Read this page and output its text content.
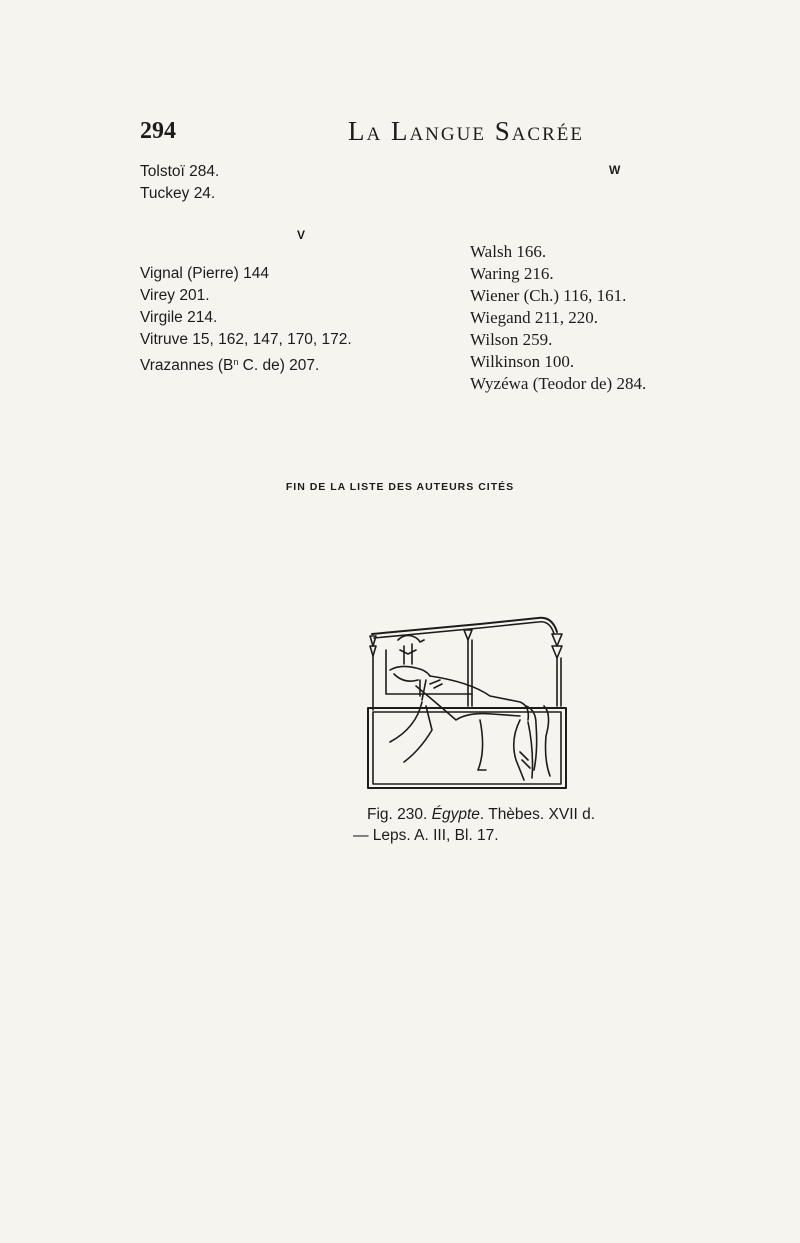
294	La Langue Sacrée
Tolstoï 284.
Tuckey 24.
V
Vignal (Pierre) 144
Virey 201.
Virgile 214.
Vitruve 15, 162, 147, 170, 172.
Vrazannes ($B^n$ C. de) 207.
W
Walsh 166.
Waring 216.
Wiener (Ch.) 116, 161.
Wiegand 211, 220.
Wilson 259.
Wilkinson 100.
Wyzéwa (Teodor de) 284.
FIN DE LA LISTE DES AUTEURS CITÉS
Fig. 230. Égypte. Thèbes. XVII d.
— Leps. A. III, Bl. 17.
